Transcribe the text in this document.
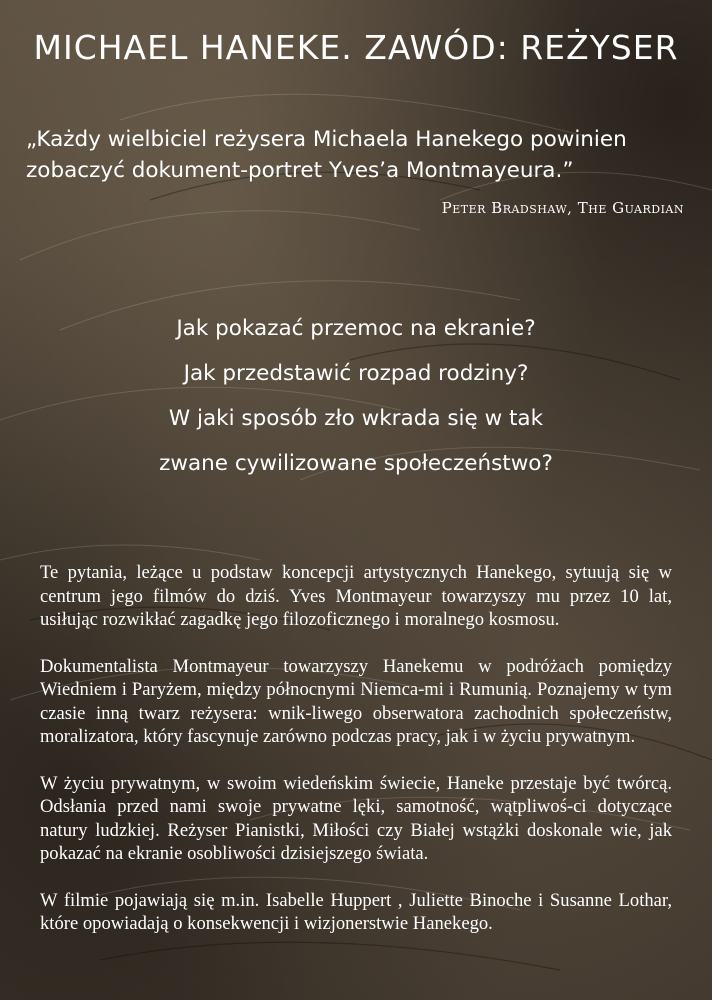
MICHAEL HANEKE. ZAWÓD: REŻYSER

„Każdy wielbiciel reżysera Michaela Hanekego powinien zobaczyć dokument-portret Yves’a Montmayeura.”

Peter Bradshaw, The Guardian
Jak pokazać przemoc na ekranie?
Jak przedstawić rozpad rodziny?
W jaki sposób zło wkrada się w tak
zwane cywilizowane społeczeństwo?

Te pytania, leżące u podstaw koncepcji artystycznych Hanekego, sytuują się w centrum jego filmów do dziś. Yves Montmayeur towarzyszy mu przez 10 lat, usiłując rozwikłać zagadkę jego filozoficznego i moralnego kosmosu.

Dokumentalista Montmayeur towarzyszy Hanekemu w podróżach pomiędzy Wiedniem i Paryżem, między północnymi Niemca-mi i Rumunią. Poznajemy w tym czasie inną twarz reżysera: wnik-liwego obserwatora zachodnich społeczeństw, moralizatora, który fascynuje zarówno podczas pracy, jak i w życiu prywatnym.

W życiu prywatnym, w swoim wiedeńskim świecie, Haneke przestaje być twórcą. Odsłania przed nami swoje prywatne lęki, samotność, wątpliwoś-ci dotyczące natury ludzkiej. Reżyser Pianistki, Miłości czy Białej wstążki doskonale wie, jak pokazać na ekranie osobliwości dzisiejszego świata.

W filmie pojawiają się m.in. Isabelle Huppert , Juliette Binoche i Susanne Lothar, które opowiadają o konsekwencji i wizjonerstwie Hanekego.
